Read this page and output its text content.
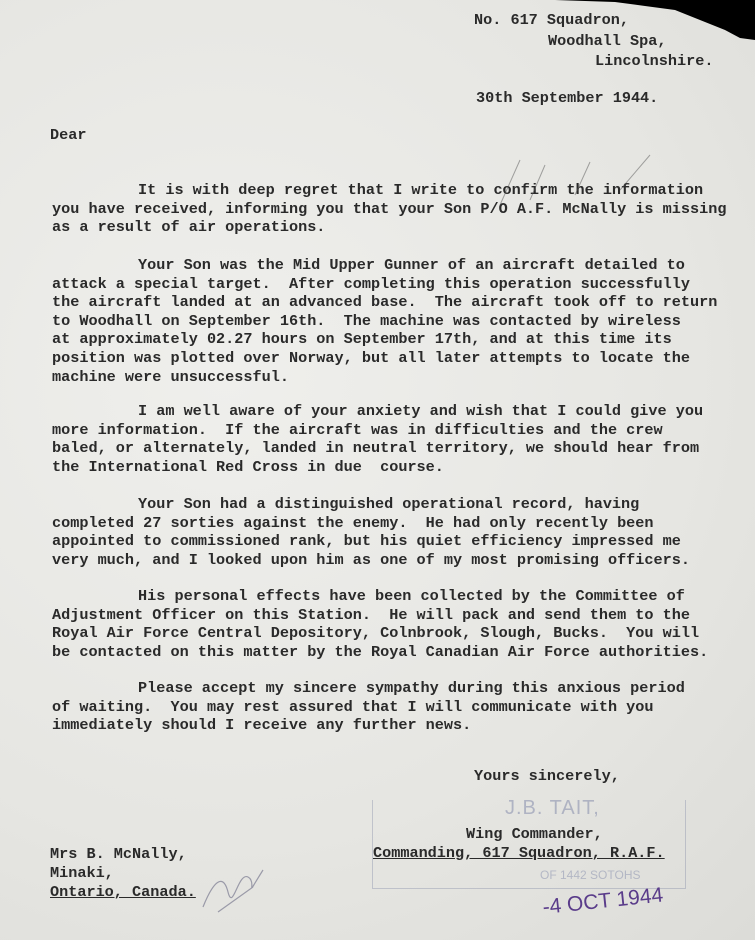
No. 617 Squadron,
Woodhall Spa,
Lincolnshire.
30th September 1944.
Dear
It is with deep regret that I write to confirm the information
you have received, informing you that your Son P/O A.F. McNally is missing
as a result of air operations.
Your Son was the Mid Upper Gunner of an aircraft detailed to
attack a special target.  After completing this operation successfully
the aircraft landed at an advanced base.  The aircraft took off to return
to Woodhall on September 16th.  The machine was contacted by wireless
at approximately 02.27 hours on September 17th, and at this time its
position was plotted over Norway, but all later attempts to locate the
machine were unsuccessful.
I am well aware of your anxiety and wish that I could give you
more information.  If the aircraft was in difficulties and the crew
baled, or alternately, landed in neutral territory, we should hear from
the International Red Cross in due  course.
Your Son had a distinguished operational record, having
completed 27 sorties against the enemy.  He had only recently been
appointed to commissioned rank, but his quiet efficiency impressed me
very much, and I looked upon him as one of my most promising officers.
His personal effects have been collected by the Committee of
Adjustment Officer on this Station.  He will pack and send them to the
Royal Air Force Central Depository, Colnbrook, Slough, Bucks.  You will
be contacted on this matter by the Royal Canadian Air Force authorities.
Please accept my sincere sympathy during this anxious period
of waiting.  You may rest assured that I will communicate with you
immediately should I receive any further news.
Yours sincerely,
J.B. TAIT,
OF 1442 SOTOHS
Wing Commander,
Commanding, 617 Squadron, R.A.F.
Mrs B. McNally,
Minaki,
Ontario, Canada.	-4 OCT 1944
